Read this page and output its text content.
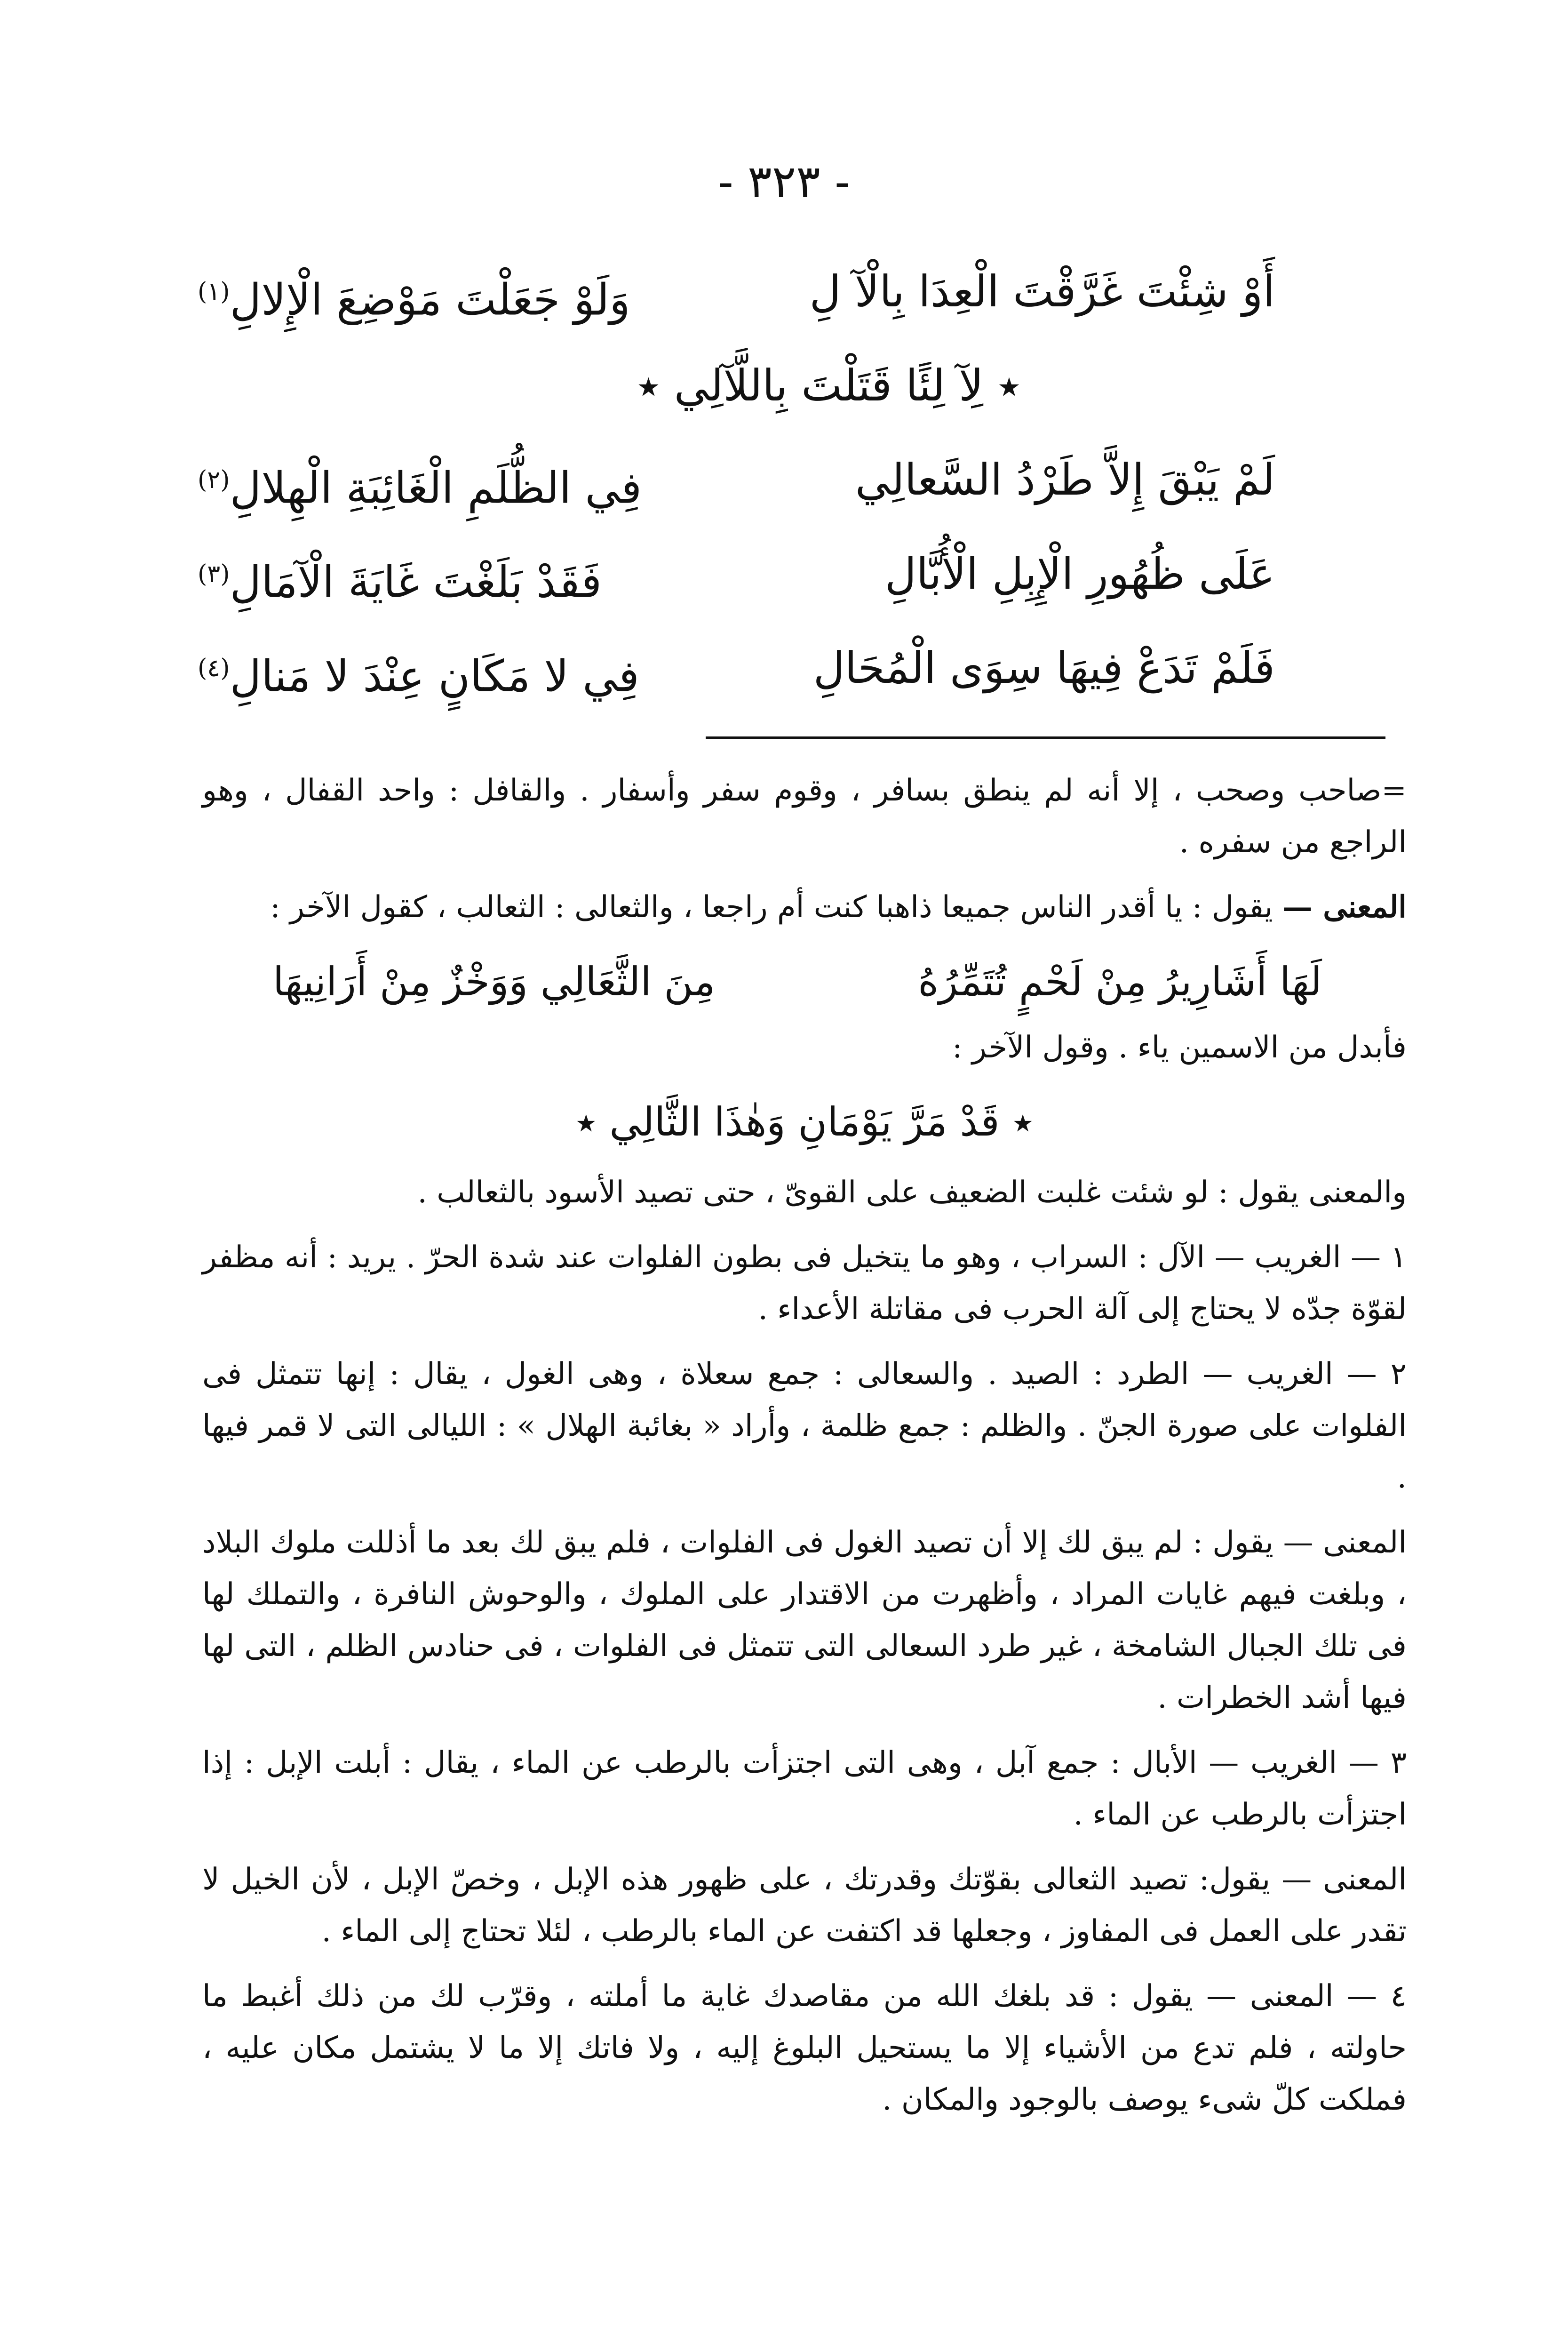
- ٣٢٣ -
أَوْ شِئْتَ غَرَّقْتَ الْعِدَا بِالْآ لِ
وَلَوْ جَعَلْتَ مَوْضِعَ الْإِلالِ$^{(١)}$
٭ لِآ لِئًا قَتَلْتَ بِاللَّآلِي ٭
لَمْ يَبْقَ إِلاَّ طَرْدُ السَّعالِي
فِي الظُّلَمِ الْغَائِبَةِ الْهِلالِ$^{(٢)}$
عَلَى ظُهُورِ الْإِبِلِ الْأُبَّالِ
فَقَدْ بَلَغْتَ غَايَةَ الْآمَالِ$^{(٣)}$
فَلَمْ تَدَعْ فِيهَا سِوَى الْمُحَالِ
فِي لا مَكَانٍ عِنْدَ لا مَنالِ$^{(٤)}$

=صاحب وصحب ، إلا أنه لم ينطق بسافر ، وقوم سفر وأسفار . والقافل : واحد القفال ، وهو الراجع من سفره .

المعنى — يقول : يا أقدر الناس جميعا ذاهبا كنت أم راجعا ، والثعالى : الثعالب ، كقول الآخر :

لَهَا أَشَارِيرُ مِنْ لَحْمٍ تُتَمِّرُهُ
مِنَ الثَّعَالِي وَوَخْزٌ مِنْ أَرَانِيهَا

فأبدل من الاسمين ياء . وقول الآخر :

٭ قَدْ مَرَّ يَوْمَانِ وَهٰذَا الثَّالِي ٭

والمعنى يقول : لو شئت غلبت الضعيف على القوىّ ، حتى تصيد الأسود بالثعالب .

١ — الغريب — الآل : السراب ، وهو ما يتخيل فى بطون الفلوات عند شدة الحرّ . يريد : أنه مظفر لقوّة جدّه لا يحتاج إلى آلة الحرب فى مقاتلة الأعداء .

٢ — الغريب — الطرد : الصيد . والسعالى : جمع سعلاة ، وهى الغول ، يقال : إنها تتمثل فى الفلوات على صورة الجنّ . والظلم : جمع ظلمة ، وأراد « بغائبة الهلال » : الليالى التى لا قمر فيها .

المعنى — يقول : لم يبق لك إلا أن تصيد الغول فى الفلوات ، فلم يبق لك بعد ما أذللت ملوك البلاد ، وبلغت فيهم غايات المراد ، وأظهرت من الاقتدار على الملوك ، والوحوش النافرة ، والتملك لها فى تلك الجبال الشامخة ، غير طرد السعالى التى تتمثل فى الفلوات ، فى حنادس الظلم ، التى لها فيها أشد الخطرات .

٣ — الغريب — الأبال : جمع آبل ، وهى التى اجتزأت بالرطب عن الماء ، يقال : أبلت الإبل : إذا اجتزأت بالرطب عن الماء .

المعنى — يقول: تصيد الثعالى بقوّتك وقدرتك ، على ظهور هذه الإبل ، وخصّ الإبل ، لأن الخيل لا تقدر على العمل فى المفاوز ، وجعلها قد اكتفت عن الماء بالرطب ، لئلا تحتاج إلى الماء .

٤ — المعنى — يقول : قد بلغك الله من مقاصدك غاية ما أملته ، وقرّب لك من ذلك أغبط ما حاولته ، فلم تدع من الأشياء إلا ما يستحيل البلوغ إليه ، ولا فاتك إلا ما لا يشتمل مكان عليه ، فملكت كلّ شىء يوصف بالوجود والمكان .
